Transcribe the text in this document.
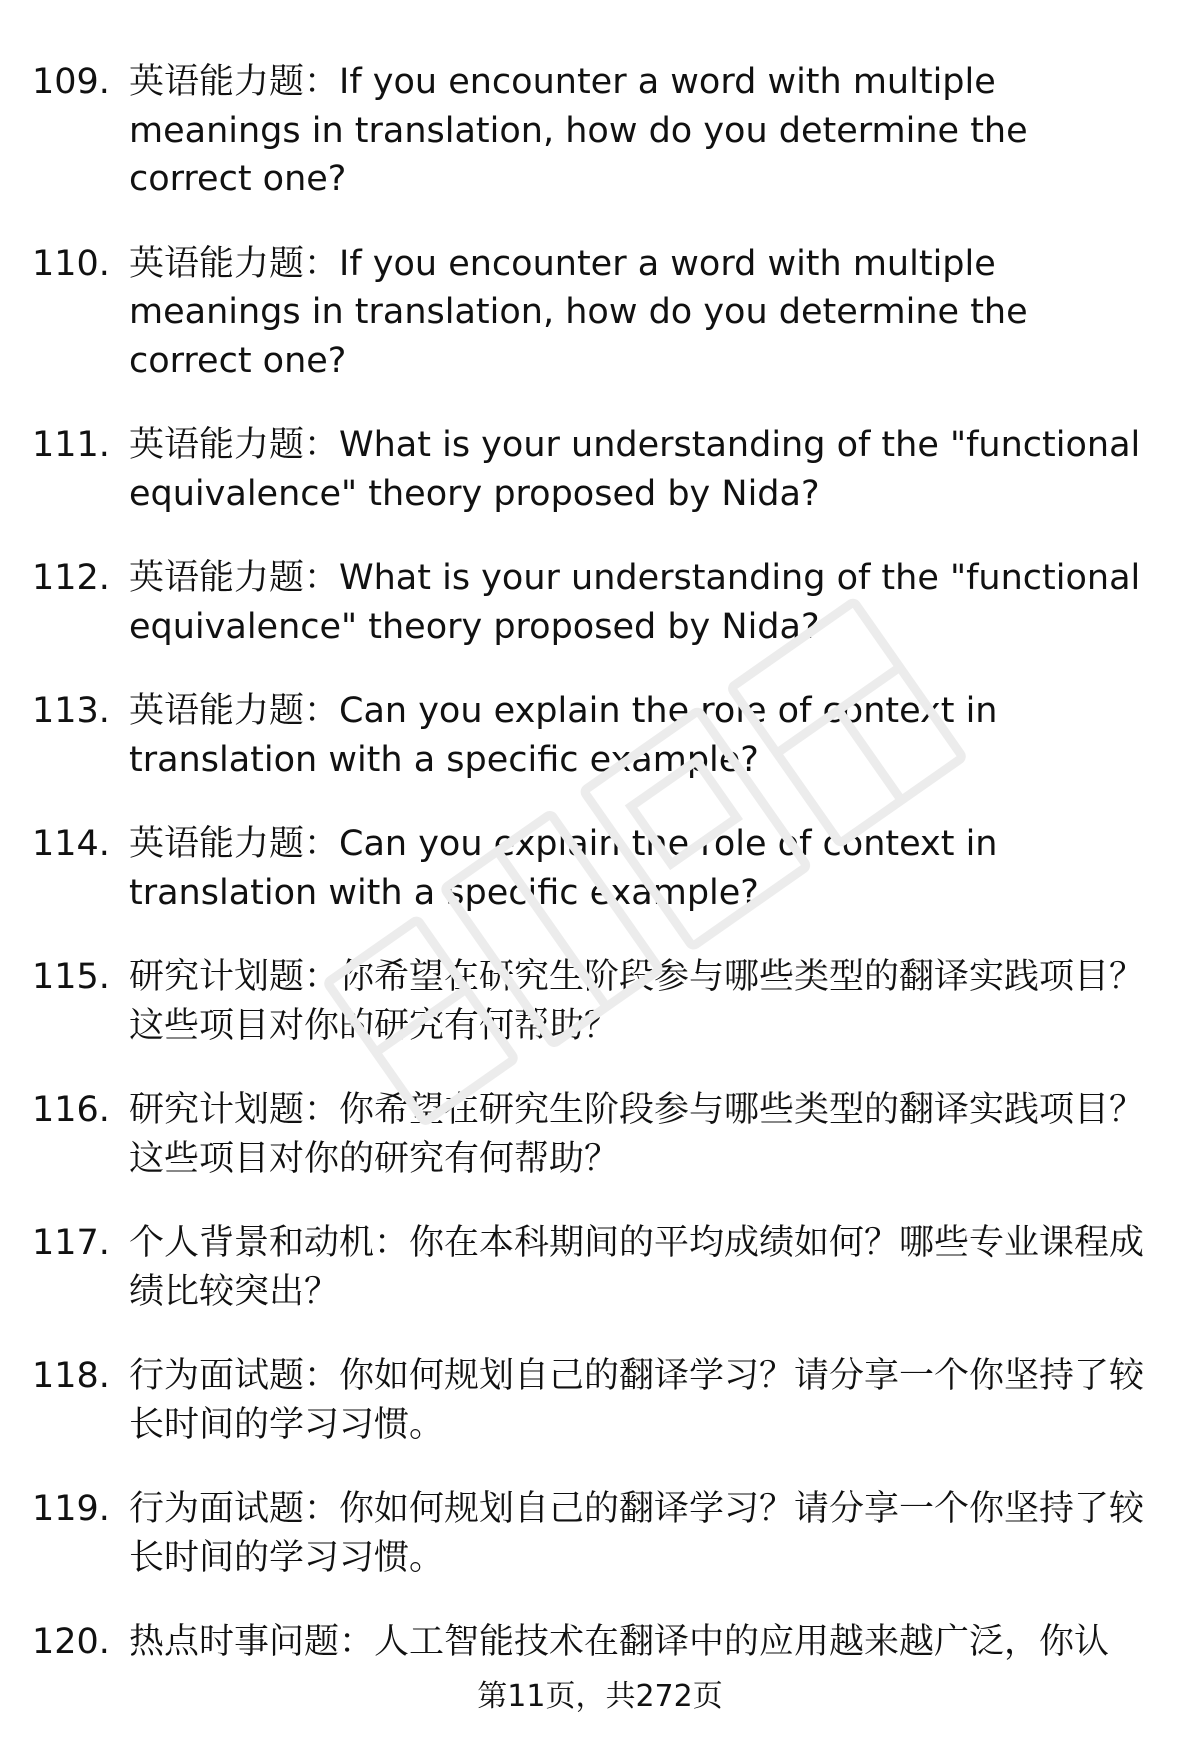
109. 英语能力题：If you encounter a word with multiple meanings in translation, how do you determine the correct one?
110. 英语能力题：If you encounter a word with multiple meanings in translation, how do you determine the correct one?
111. 英语能力题：What is your understanding of the "functional equivalence" theory proposed by Nida?
112. 英语能力题：What is your understanding of the "functional equivalence" theory proposed by Nida?
113. 英语能力题：Can you explain the role of context in translation with a specific example?
114. 英语能力题：Can you explain the role of context in translation with a specific example?
115. 研究计划题：你希望在研究生阶段参与哪些类型的翻译实践项目？这些项目对你的研究有何帮助？
116. 研究计划题：你希望在研究生阶段参与哪些类型的翻译实践项目？这些项目对你的研究有何帮助？
117. 个人背景和动机：你在本科期间的平均成绩如何？哪些专业课程成绩比较突出？
118. 行为面试题：你如何规划自己的翻译学习？请分享一个你坚持了较长时间的学习习惯。
119. 行为面试题：你如何规划自己的翻译学习？请分享一个你坚持了较长时间的学习习惯。
120. 热点时事问题：人工智能技术在翻译中的应用越来越广泛，你认
第11页，共272页
